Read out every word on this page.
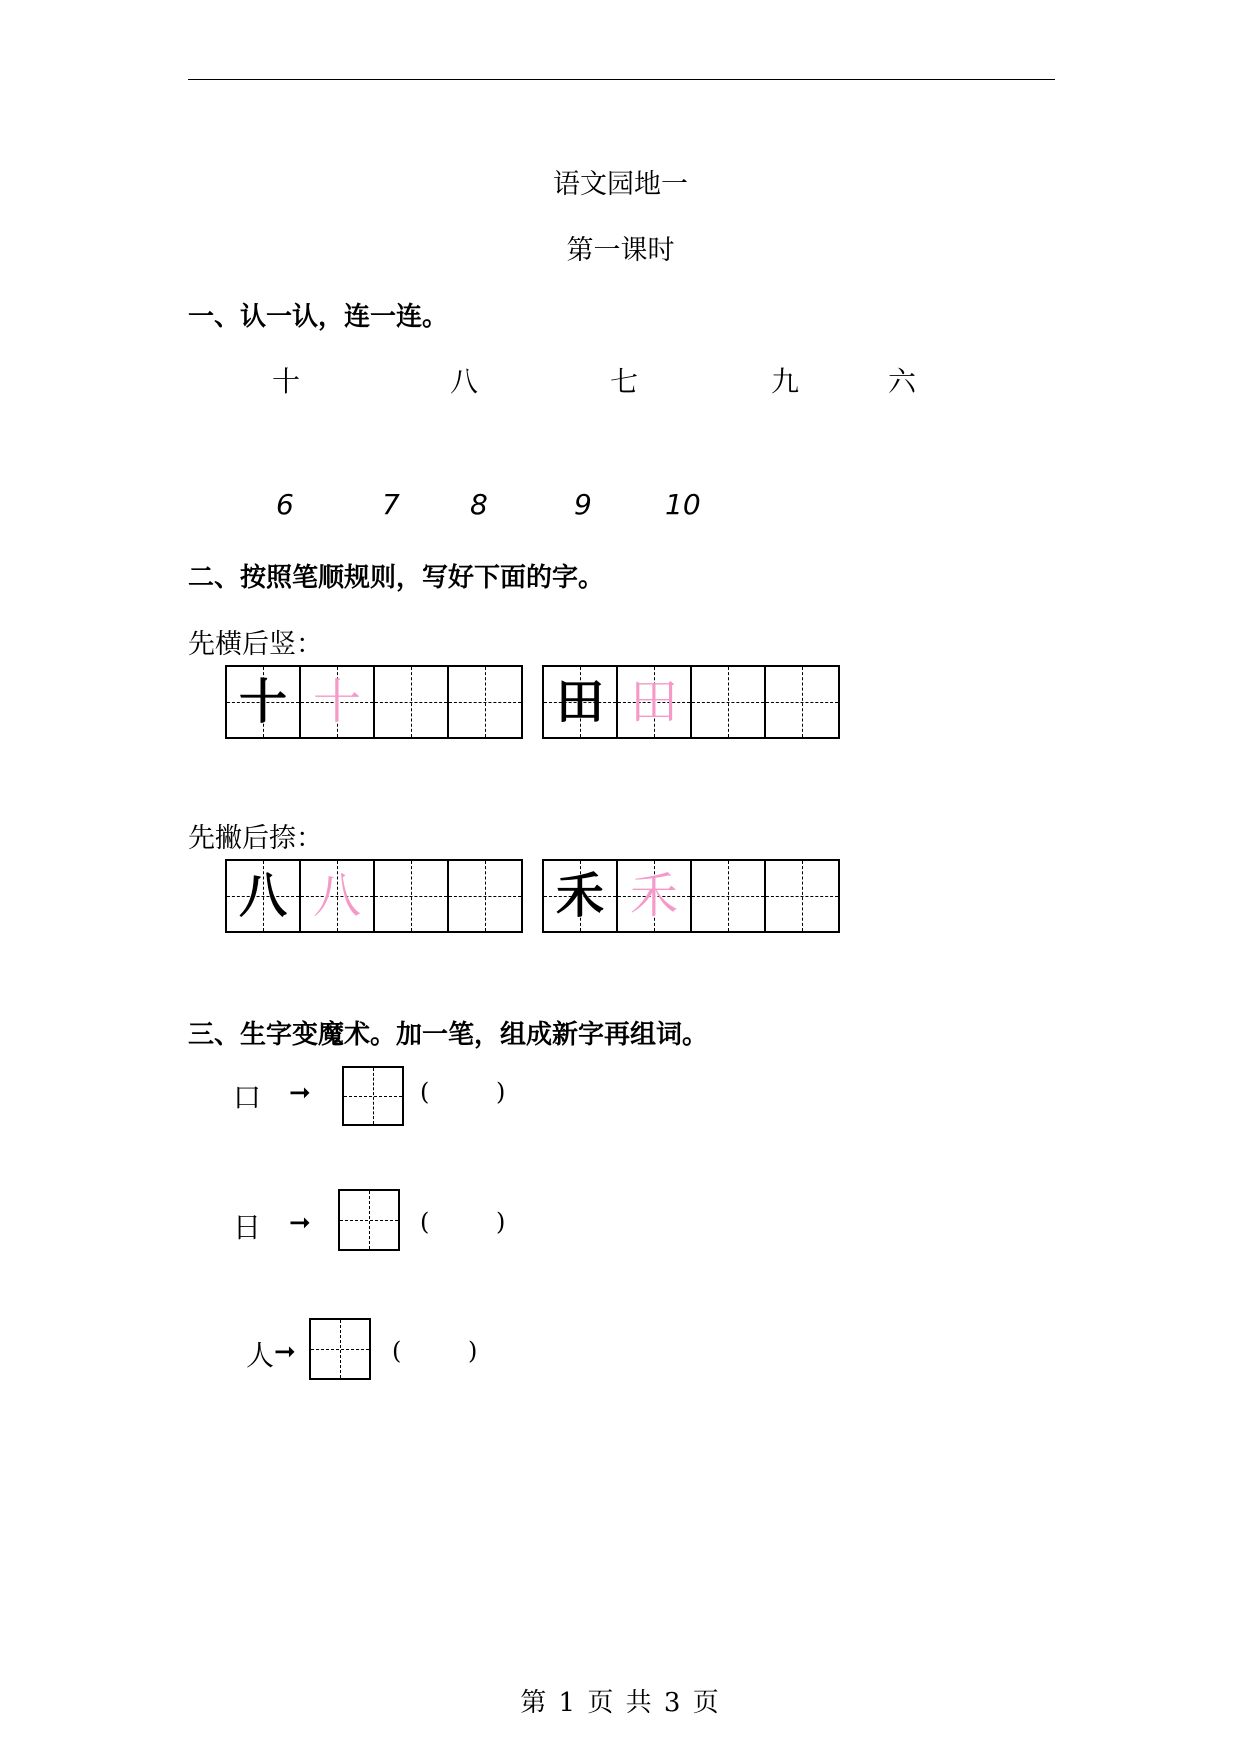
语文园地一
第一课时
一、认一认，连一连。
十	八	七	九	六
6	7	8	9	10
二、按照笔顺规则，写好下面的字。
先横后竖：
十 十	田 田
先撇后捺：
八 八	禾 禾
三、生字变魔术。加一笔，组成新字再组词。
口 ➞	(	)
日 ➞	(	)
人 ➞	(	)
第 1 页 共 3 页
